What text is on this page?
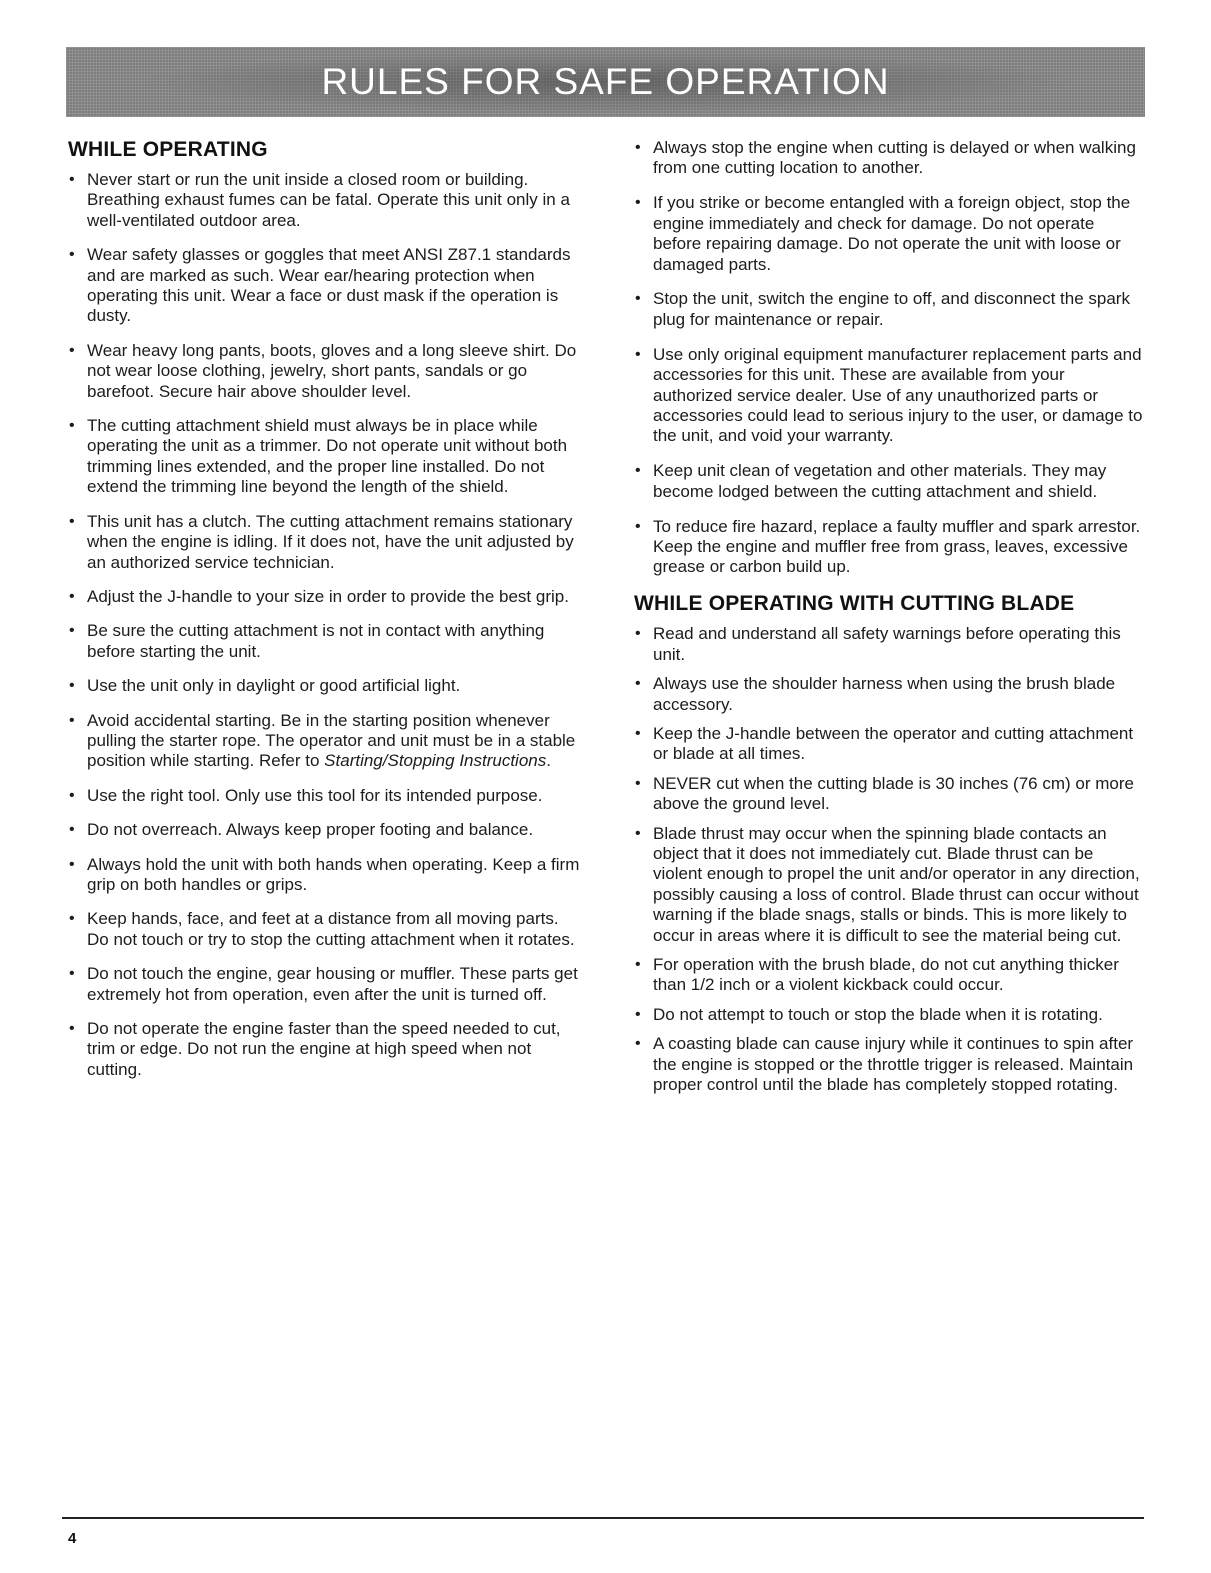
RULES FOR SAFE OPERATION
WHILE OPERATING
• Never start or run the unit inside a closed room or building. Breathing exhaust fumes can be fatal. Operate this unit only in a well-ventilated outdoor area.
• Wear safety glasses or goggles that meet ANSI Z87.1 standards and are marked as such. Wear ear/hearing protection when operating this unit. Wear a face or dust mask if the operation is dusty.
• Wear heavy long pants, boots, gloves and a long sleeve shirt. Do not wear loose clothing, jewelry, short pants, sandals or go barefoot. Secure hair above shoulder level.
• The cutting attachment shield must always be in place while operating the unit as a trimmer. Do not operate unit without both trimming lines extended, and the proper line installed. Do not extend the trimming line beyond the length of the shield.
• This unit has a clutch. The cutting attachment remains stationary when the engine is idling. If it does not, have the unit adjusted by an authorized service technician.
• Adjust the J-handle to your size in order to provide the best grip.
• Be sure the cutting attachment is not in contact with anything before starting the unit.
• Use the unit only in daylight or good artificial light.
• Avoid accidental starting. Be in the starting position whenever pulling the starter rope. The operator and unit must be in a stable position while starting. Refer to Starting/Stopping Instructions.
• Use the right tool. Only use this tool for its intended purpose.
• Do not overreach. Always keep proper footing and balance.
• Always hold the unit with both hands when operating. Keep a firm grip on both handles or grips.
• Keep hands, face, and feet at a distance from all moving parts. Do not touch or try to stop the cutting attachment when it rotates.
• Do not touch the engine, gear housing or muffler. These parts get extremely hot from operation, even after the unit is turned off.
• Do not operate the engine faster than the speed needed to cut, trim or edge. Do not run the engine at high speed when not cutting.
• Always stop the engine when cutting is delayed or when walking from one cutting location to another.
• If you strike or become entangled with a foreign object, stop the engine immediately and check for damage. Do not operate before repairing damage. Do not operate the unit with loose or damaged parts.
• Stop the unit, switch the engine to off, and disconnect the spark plug for maintenance or repair.
• Use only original equipment manufacturer replacement parts and accessories for this unit. These are available from your authorized service dealer. Use of any unauthorized parts or accessories could lead to serious injury to the user, or damage to the unit, and void your warranty.
• Keep unit clean of vegetation and other materials. They may become lodged between the cutting attachment and shield.
• To reduce fire hazard, replace a faulty muffler and spark arrestor. Keep the engine and muffler free from grass, leaves, excessive grease or carbon build up.
WHILE OPERATING WITH CUTTING BLADE
• Read and understand all safety warnings before operating this unit.
• Always use the shoulder harness when using the brush blade accessory.
• Keep the J-handle between the operator and cutting attachment or blade at all times.
• NEVER cut when the cutting blade is 30 inches (76 cm) or more above the ground level.
• Blade thrust may occur when the spinning blade contacts an object that it does not immediately cut. Blade thrust can be violent enough to propel the unit and/or operator in any direction, possibly causing a loss of control. Blade thrust can occur without warning if the blade snags, stalls or binds. This is more likely to occur in areas where it is difficult to see the material being cut.
• For operation with the brush blade, do not cut anything thicker than 1/2 inch or a violent kickback could occur.
• Do not attempt to touch or stop the blade when it is rotating.
• A coasting blade can cause injury while it continues to spin after the engine is stopped or the throttle trigger is released. Maintain proper control until the blade has completely stopped rotating.
4
